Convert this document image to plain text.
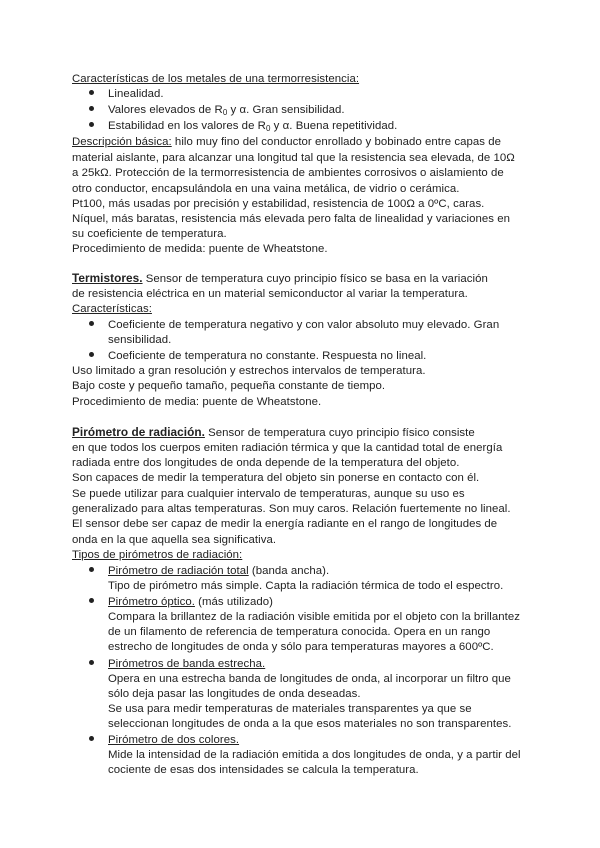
Características de los metales de una termorresistencia:
Linealidad.
Valores elevados de $R_0$ y α. Gran sensibilidad.
Estabilidad en los valores de $R_0$ y α. Buena repetitividad.
Descripción básica: hilo muy fino del conductor enrollado y bobinado entre capas de
material aislante, para alcanzar una longitud tal que la resistencia sea elevada, de 10Ω
a 25kΩ. Protección de la termorresistencia de ambientes corrosivos o aislamiento de
otro conductor, encapsulándola en una vaina metálica, de vidrio o cerámica.
Pt100, más usadas por precisión y estabilidad, resistencia de 100Ω a 0ºC, caras.
Níquel, más baratas, resistencia más elevada pero falta de linealidad y variaciones en
su coeficiente de temperatura.
Procedimiento de medida: puente de Wheatstone.
Termistores. Sensor de temperatura cuyo principio físico se basa en la variación
de resistencia eléctrica en un material semiconductor al variar la temperatura.
Características:
Coeficiente de temperatura negativo y con valor absoluto muy elevado. Gran
sensibilidad.
Coeficiente de temperatura no constante. Respuesta no lineal.
Uso limitado a gran resolución y estrechos intervalos de temperatura.
Bajo coste y pequeño tamaño, pequeña constante de tiempo.
Procedimiento de media: puente de Wheatstone.
Pirómetro de radiación. Sensor de temperatura cuyo principio físico consiste
en que todos los cuerpos emiten radiación térmica y que la cantidad total de energía
radiada entre dos longitudes de onda depende de la temperatura del objeto.
Son capaces de medir la temperatura del objeto sin ponerse en contacto con él.
Se puede utilizar para cualquier intervalo de temperaturas, aunque su uso es
generalizado para altas temperaturas. Son muy caros. Relación fuertemente no lineal.
El sensor debe ser capaz de medir la energía radiante en el rango de longitudes de
onda en la que aquella sea significativa.
Tipos de pirómetros de radiación:
Pirómetro de radiación total (banda ancha).
Tipo de pirómetro más simple. Capta la radiación térmica de todo el espectro.
Pirómetro óptico. (más utilizado)
Compara la brillantez de la radiación visible emitida por el objeto con la brillantez
de un filamento de referencia de temperatura conocida. Opera en un rango
estrecho de longitudes de onda y sólo para temperaturas mayores a 600ºC.
Pirómetros de banda estrecha.
Opera en una estrecha banda de longitudes de onda, al incorporar un filtro que
sólo deja pasar las longitudes de onda deseadas.
Se usa para medir temperaturas de materiales transparentes ya que se
seleccionan longitudes de onda a la que esos materiales no son transparentes.
Pirómetro de dos colores.
Mide la intensidad de la radiación emitida a dos longitudes de onda, y a partir del
cociente de esas dos intensidades se calcula la temperatura.
